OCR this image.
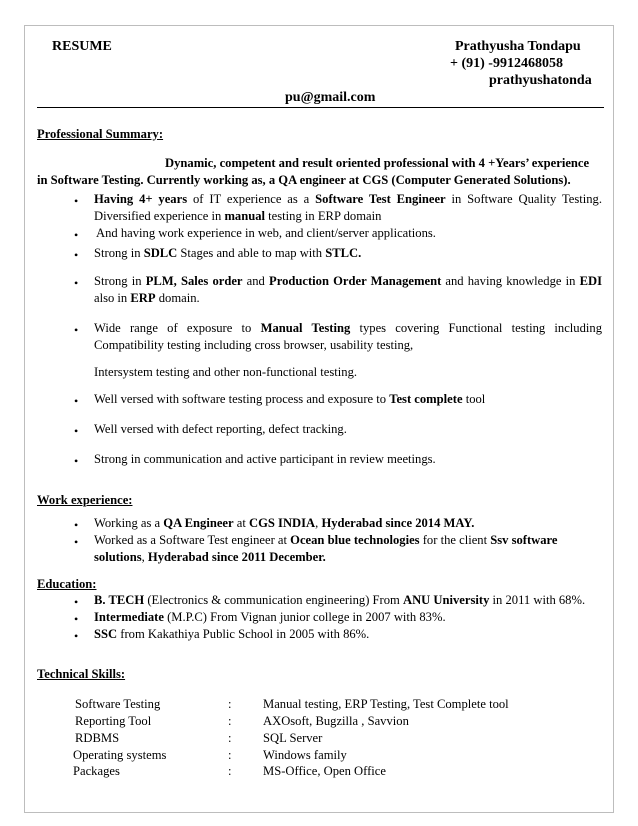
RESUME	Prathyusha Tondapu
+ (91) -9912468058
prathyushatonda
pu@gmail.com
Professional Summary:
Dynamic, competent and result oriented professional with 4 +Years’ experience
in Software Testing. Currently working as, a QA engineer at CGS (Computer Generated Solutions).
• Having 4+ years of IT experience as a Software Test Engineer in Software Quality Testing.
Diversified experience in manual testing in ERP domain
• And having work experience in web, and client/server applications.
• Strong in SDLC Stages and able to map with STLC.
• Strong in PLM, Sales order and Production Order Management and having knowledge in EDI
also in ERP domain.
• Wide range of exposure to Manual Testing types covering Functional testing including
Compatibility testing including cross browser, usability testing,
Intersystem testing and other non-functional testing.
• Well versed with software testing process and exposure to Test complete tool
• Well versed with defect reporting, defect tracking.
• Strong in communication and active participant in review meetings.
Work experience:
• Working as a QA Engineer at CGS INDIA, Hyderabad since 2014 MAY.
• Worked as a Software Test engineer at Ocean blue technologies for the client Ssv software
solutions, Hyderabad since 2011 December.
Education:
• B. TECH (Electronics & communication engineering) From ANU University in 2011 with 68%.
• Intermediate (M.P.C) From Vignan junior college in 2007 with 83%.
• SSC from Kakathiya Public School in 2005 with 86%.
Technical Skills:
Software Testing	:	Manual testing, ERP Testing, Test Complete tool
Reporting Tool	:	AXOsoft, Bugzilla , Savvion
RDBMS	:	SQL Server
Operating systems	:	Windows family
Packages	:	MS-Office, Open Office
